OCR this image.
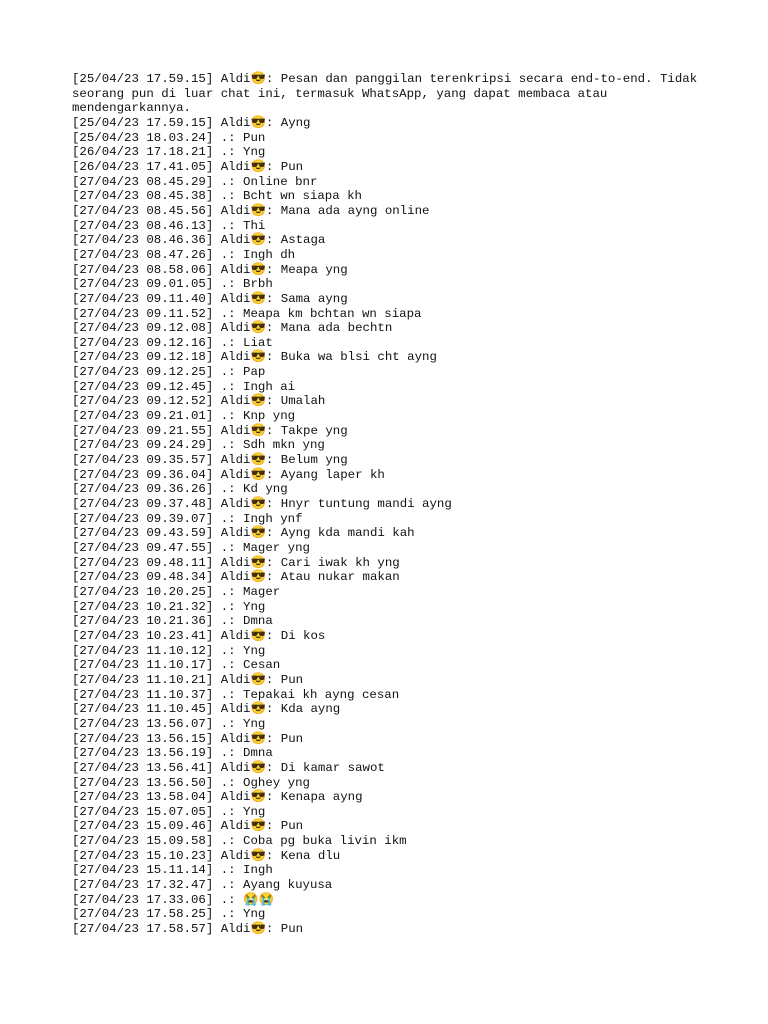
[25/04/23 17.59.15] Aldi😎: Pesan dan panggilan terenkripsi secara end-to-end. Tidak seorang pun di luar chat ini, termasuk WhatsApp, yang dapat membaca atau mendengarkannya.

[25/04/23 17.59.15] Aldi😎: Ayng

[25/04/23 18.03.24] .: Pun

[26/04/23 17.18.21] .: Yng

[26/04/23 17.41.05] Aldi😎: Pun

[27/04/23 08.45.29] .: Online bnr

[27/04/23 08.45.38] .: Bcht wn siapa kh

[27/04/23 08.45.56] Aldi😎: Mana ada ayng online

[27/04/23 08.46.13] .: Thi

[27/04/23 08.46.36] Aldi😎: Astaga

[27/04/23 08.47.26] .: Ingh dh

[27/04/23 08.58.06] Aldi😎: Meapa yng

[27/04/23 09.01.05] .: Brbh

[27/04/23 09.11.40] Aldi😎: Sama ayng

[27/04/23 09.11.52] .: Meapa km bchtan wn siapa

[27/04/23 09.12.08] Aldi😎: Mana ada bechtn

[27/04/23 09.12.16] .: Liat

[27/04/23 09.12.18] Aldi😎: Buka wa blsi cht ayng

[27/04/23 09.12.25] .: Pap

[27/04/23 09.12.45] .: Ingh ai

[27/04/23 09.12.52] Aldi😎: Umalah

[27/04/23 09.21.01] .: Knp yng

[27/04/23 09.21.55] Aldi😎: Takpe yng

[27/04/23 09.24.29] .: Sdh mkn yng

[27/04/23 09.35.57] Aldi😎: Belum yng

[27/04/23 09.36.04] Aldi😎: Ayang laper kh

[27/04/23 09.36.26] .: Kd yng

[27/04/23 09.37.48] Aldi😎: Hnyr tuntung mandi ayng

[27/04/23 09.39.07] .: Ingh ynf

[27/04/23 09.43.59] Aldi😎: Ayng kda mandi kah

[27/04/23 09.47.55] .: Mager yng

[27/04/23 09.48.11] Aldi😎: Cari iwak kh yng

[27/04/23 09.48.34] Aldi😎: Atau nukar makan

[27/04/23 10.20.25] .: Mager

[27/04/23 10.21.32] .: Yng

[27/04/23 10.21.36] .: Dmna

[27/04/23 10.23.41] Aldi😎: Di kos

[27/04/23 11.10.12] .: Yng

[27/04/23 11.10.17] .: Cesan

[27/04/23 11.10.21] Aldi😎: Pun

[27/04/23 11.10.37] .: Tepakai kh ayng cesan

[27/04/23 11.10.45] Aldi😎: Kda ayng

[27/04/23 13.56.07] .: Yng

[27/04/23 13.56.15] Aldi😎: Pun

[27/04/23 13.56.19] .: Dmna

[27/04/23 13.56.41] Aldi😎: Di kamar sawot

[27/04/23 13.56.50] .: Oghey yng

[27/04/23 13.58.04] Aldi😎: Kenapa ayng

[27/04/23 15.07.05] .: Yng

[27/04/23 15.09.46] Aldi😎: Pun

[27/04/23 15.09.58] .: Coba pg buka livin ikm

[27/04/23 15.10.23] Aldi😎: Kena dlu

[27/04/23 15.11.14] .: Ingh

[27/04/23 17.32.47] .: Ayang kuyusa

[27/04/23 17.33.06] .: 😭😭

[27/04/23 17.58.25] .: Yng

[27/04/23 17.58.57] Aldi😎: Pun
